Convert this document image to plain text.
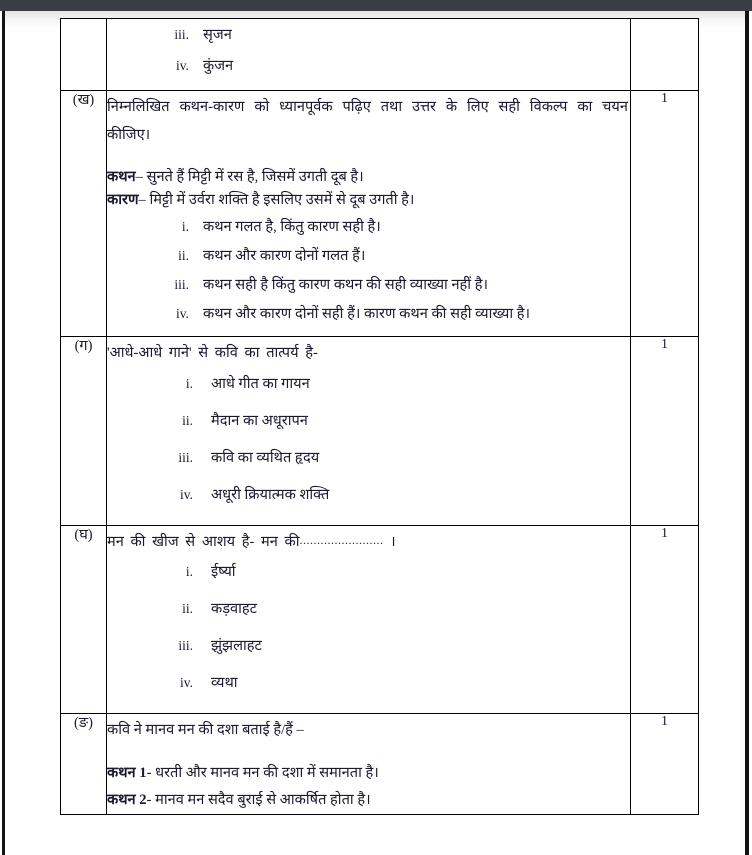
iii. सृजन
iv. कुंजन

(ख)	निम्नलिखित कथन-कारण को ध्यानपूर्वक पढ़िए तथा उत्तर के लिए सही विकल्प का चयन कीजिए।

कथन– सुनते हैं मिट्टी में रस है, जिसमें उगती दूब है।

कारण– मिट्टी में उर्वरा शक्ति है इसलिए उसमें से दूब उगती है।

i. कथन गलत है, किंतु कारण सही है।
ii. कथन और कारण दोनों गलत हैं।
iii. कथन सही है किंतु कारण कथन की सही व्याख्या नहीं है।
iv. कथन और कारण दोनों सही हैं। कारण कथन की सही व्याख्या है।
	1
(ग)	'आधे-आधे गाने' से कवि का तात्पर्य है-

i. आधे गीत का गायन
ii. मैदान का अधूरापन
iii. कवि का व्यथित हृदय
iv. अधूरी क्रियात्मक शक्ति
	1
(घ)	मन की खीज से आशय है- मन की........................ ।

i. ईर्ष्या
ii. कड़वाहट
iii. झुंझलाहट
iv. व्यथा
	1
(ङ)	कवि ने मानव मन की दशा बताई है/हैं –

कथन 1- धरती और मानव मन की दशा में समानता है।

कथन 2- मानव मन सदैव बुराई से आकर्षित होता है।	1
